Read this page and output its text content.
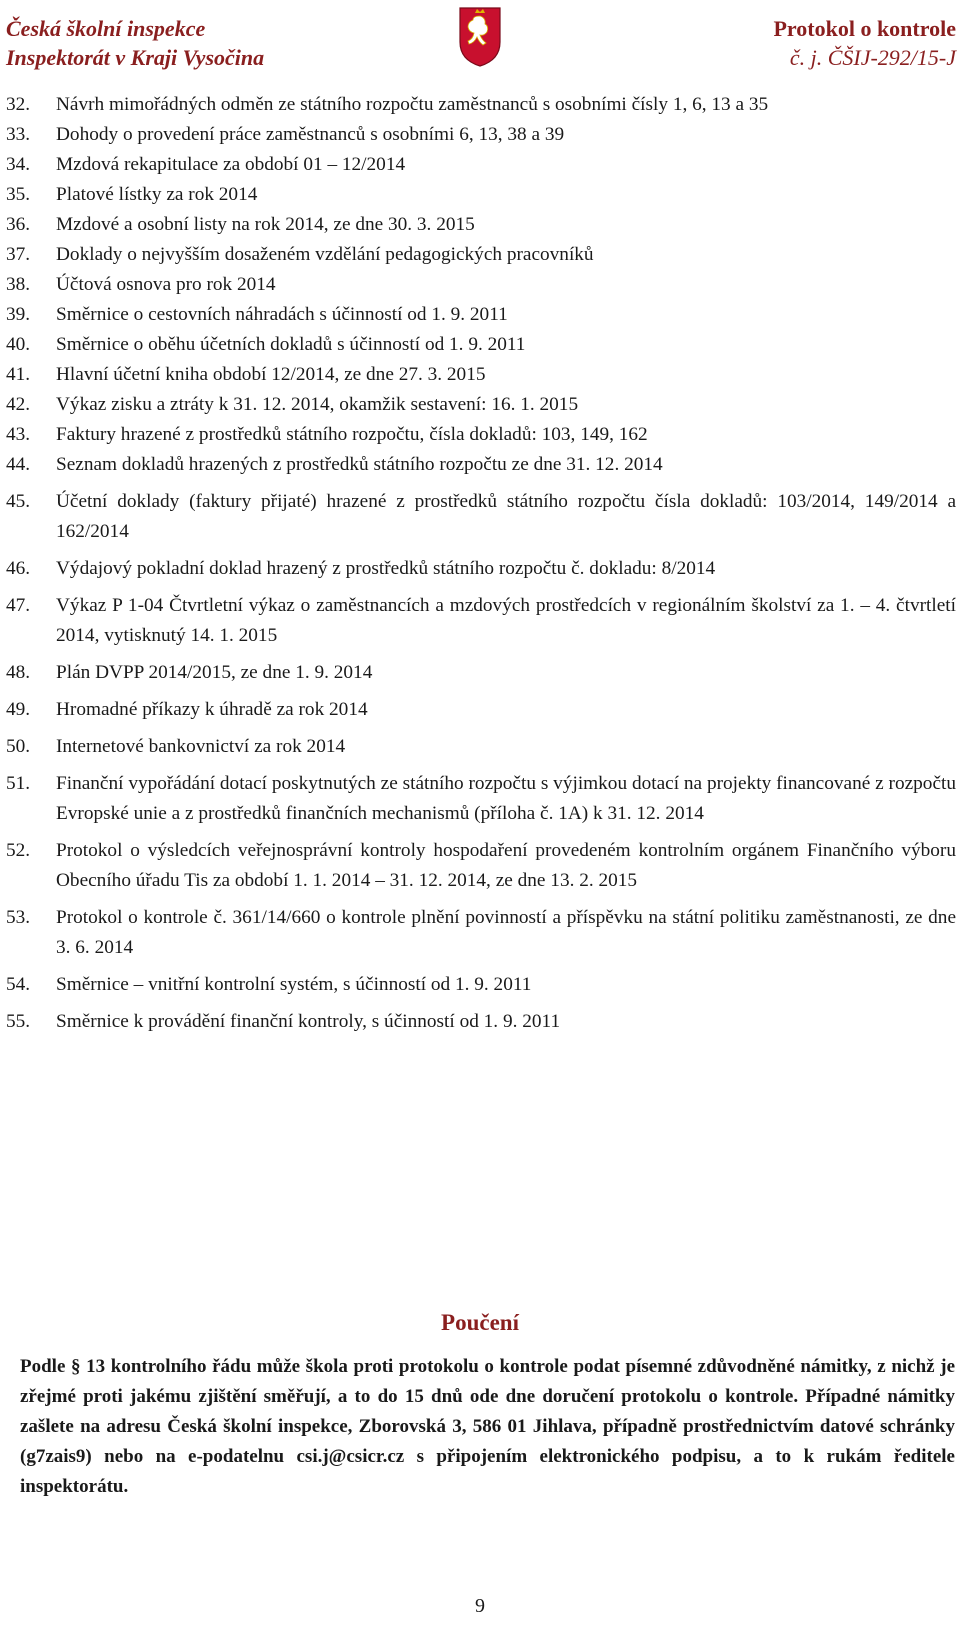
Česká školní inspekce
Inspektorát v Kraji Vysočina
Protokol o kontrole
č. j. ČŠIJ-292/15-J
32.	Návrh mimořádných odměn ze státního rozpočtu zaměstnanců s osobními čísly 1, 6, 13 a 35
33.	Dohody o provedení práce zaměstnanců s osobními 6, 13, 38 a 39
34.	Mzdová rekapitulace za období 01 – 12/2014
35.	Platové lístky za rok 2014
36.	Mzdové a osobní listy na rok 2014, ze dne 30. 3. 2015
37.	Doklady o nejvyšším dosaženém vzdělání pedagogických pracovníků
38.	Účtová osnova pro rok 2014
39.	Směrnice o cestovních náhradách s účinností od 1. 9. 2011
40.	Směrnice o oběhu účetních dokladů s účinností od 1. 9. 2011
41.	Hlavní účetní kniha období 12/2014, ze dne 27. 3. 2015
42.	Výkaz zisku a ztráty k 31. 12. 2014, okamžik sestavení: 16. 1. 2015
43.	Faktury hrazené z prostředků státního rozpočtu, čísla dokladů: 103, 149, 162
44.	Seznam dokladů hrazených z prostředků státního rozpočtu ze dne 31. 12. 2014
45.	Účetní doklady (faktury přijaté) hrazené z prostředků státního rozpočtu čísla dokladů: 103/2014, 149/2014 a 162/2014
46.	Výdajový pokladní doklad hrazený z prostředků státního rozpočtu č. dokladu: 8/2014
47.	Výkaz P 1-04 Čtvrtletní výkaz o zaměstnancích a mzdových prostředcích v regionálním školství za 1. – 4. čtvrtletí 2014, vytisknutý 14. 1. 2015
48.	Plán DVPP 2014/2015, ze dne 1. 9. 2014
49.	Hromadné příkazy k úhradě za rok 2014
50.	Internetové bankovnictví za rok 2014
51.	Finanční vypořádání dotací poskytnutých ze státního rozpočtu s výjimkou dotací na projekty financované z rozpočtu Evropské unie a z prostředků finančních mechanismů (příloha č. 1A) k 31. 12. 2014
52.	Protokol o výsledcích veřejnosprávní kontroly hospodaření provedeném kontrolním orgánem Finančního výboru Obecního úřadu Tis za období 1. 1. 2014 – 31. 12. 2014, ze dne 13. 2. 2015
53.	Protokol o kontrole č. 361/14/660 o kontrole plnění povinností a příspěvku na státní politiku zaměstnanosti, ze dne 3. 6. 2014
54.	Směrnice – vnitřní kontrolní systém, s účinností od 1. 9. 2011
55.	Směrnice k provádění finanční kontroly, s účinností od 1. 9. 2011
Poučení
Podle § 13 kontrolního řádu může škola proti protokolu o kontrole podat písemné zdůvodněné námitky, z nichž je zřejmé proti jakému zjištění směřují, a to do 15 dnů ode dne doručení protokolu o kontrole. Případné námitky zašlete na adresu Česká školní inspekce, Zborovská 3, 586 01 Jihlava, případně prostřednictvím datové schránky (g7zais9) nebo na e-podatelnu csi.j@csicr.cz s připojením elektronického podpisu, a to k rukám ředitele inspektorátu.
9
